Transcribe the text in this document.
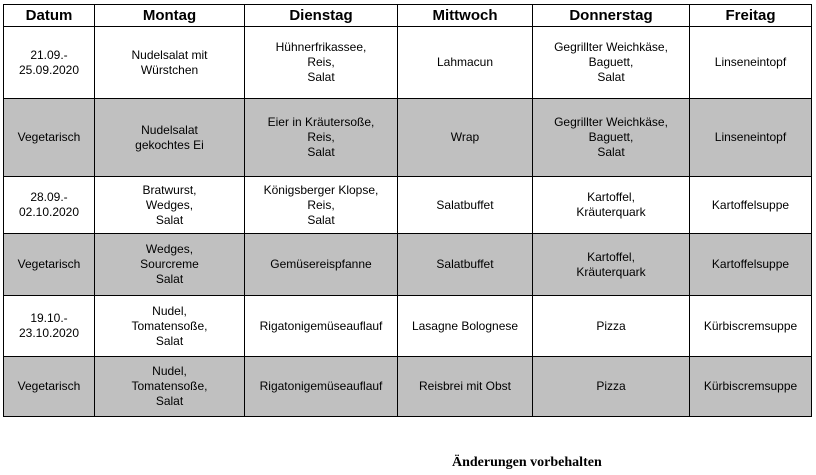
Datum	Montag	Dienstag	Mittwoch	Donnerstag	Freitag

21.09.-
25.09.2020	Nudelsalat mit
Würstchen	Hühnerfrikassee,
Reis,
Salat	Lahmacun	Gegrillter Weichkäse,
Baguett,
Salat	Linseneintopf

Vegetarisch	Nudelsalat
gekochtes Ei	Eier in Kräutersoße,
Reis,
Salat	Wrap	Gegrillter Weichkäse,
Baguett,
Salat	Linseneintopf

28.09.-
02.10.2020	Bratwurst,
Wedges,
Salat	Königsberger Klopse,
Reis,
Salat	Salatbuffet	Kartoffel,
Kräuterquark	Kartoffelsuppe

Vegetarisch	Wedges,
Sourcreme
Salat	Gemüsereispfanne	Salatbuffet	Kartoffel,
Kräuterquark	Kartoffelsuppe

19.10.-
23.10.2020	Nudel,
Tomatensoße,
Salat	Rigatonigemüseauflauf	Lasagne Bolognese	Pizza	Kürbiscremsuppe

Vegetarisch	Nudel,
Tomatensoße,
Salat	Rigatonigemüseauflauf	Reisbrei mit Obst	Pizza	Kürbiscremsuppe
Änderungen vorbehalten
